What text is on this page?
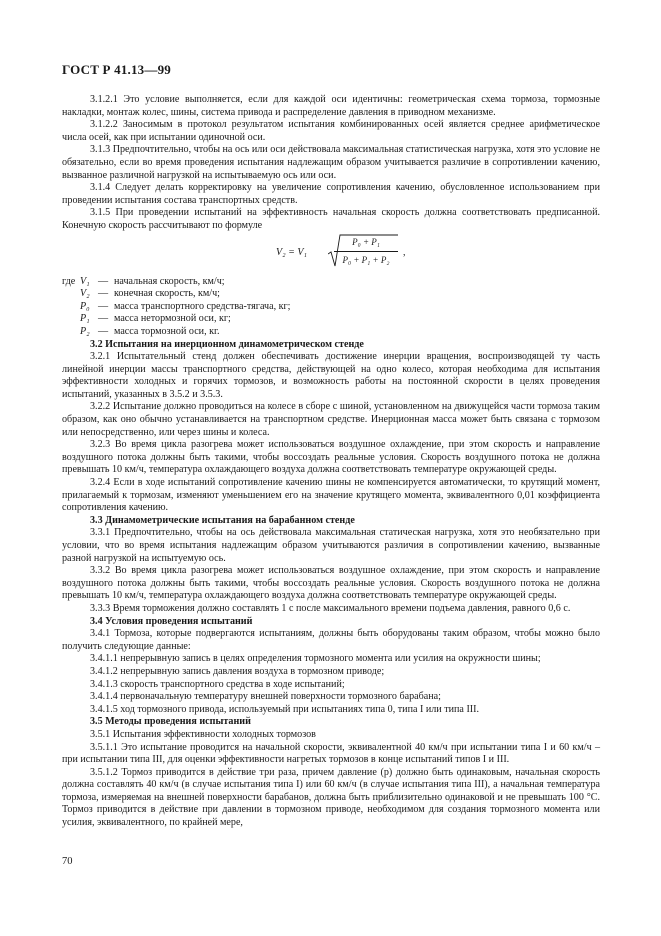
ГОСТ Р 41.13—99

3.1.2.1 Это условие выполняется, если для каждой оси идентичны: геометрическая схема тормоза, тормозные накладки, монтаж колес, шины, система привода и распределение давления в приводном механизме.

3.1.2.2 Заносимым в протокол результатом испытания комбинированных осей является среднее арифметическое числа осей, как при испытании одиночной оси.

3.1.3 Предпочтительно, чтобы на ось или оси действовала максимальная статистическая нагрузка, хотя это условие не обязательно, если во время проведения испытания надлежащим образом учитывается различие в сопротивлении качению, вызванное различной нагрузкой на испытываемую ось или оси.

3.1.4 Следует делать корректировку на увеличение сопротивления качению, обусловленное использованием при проведении испытания состава транспортных средств.

3.1.5 При проведении испытаний на эффективность начальная скорость должна соответствовать предписанной. Конечную скорость рассчитывают по формуле

V₂ = V₁	$\frac{\text{P₀ + P₁}}{\text{P₀ + P₁ + P₂}}$ ,
где V₁ — начальная скорость, км/ч;
V₂ — конечная скорость, км/ч;
P₀ — масса транспортного средства-тягача, кг;
P₁ — масса нетормозной оси, кг;
P₂ — масса тормозной оси, кг.

3.2 Испытания на инерционном динамометрическом стенде

3.2.1 Испытательный стенд должен обеспечивать достижение инерции вращения, воспроизводящей ту часть линейной инерции массы транспортного средства, действующей на одно колесо, которая необходима для испытания эффективности холодных и горячих тормозов, и возможность работы на постоянной скорости в целях проведения испытаний, указанных в 3.5.2 и 3.5.3.

3.2.2 Испытание должно проводиться на колесе в сборе с шиной, установленном на движущейся части тормоза таким образом, как оно обычно устанавливается на транспортном средстве. Инерционная масса может быть связана с тормозом или непосредственно, или через шины и колеса.

3.2.3 Во время цикла разогрева может использоваться воздушное охлаждение, при этом скорость и направление воздушного потока должны быть такими, чтобы воссоздать реальные условия. Скорость воздушного потока не должна превышать 10 км/ч, температура охлаждающего воздуха должна соответствовать температуре окружающей среды.

3.2.4 Если в ходе испытаний сопротивление качению шины не компенсируется автоматически, то крутящий момент, прилагаемый к тормозам, изменяют уменьшением его на значение крутящего момента, эквивалентного 0,01 коэффициента сопротивления качению.

3.3 Динамометрические испытания на барабанном стенде

3.3.1 Предпочтительно, чтобы на ось действовала максимальная статическая нагрузка, хотя это необязательно при условии, что во время испытания надлежащим образом учитываются различия в сопротивлении качению, вызванные разной нагрузкой на испытуемую ось.

3.3.2 Во время цикла разогрева может использоваться воздушное охлаждение, при этом скорость и направление воздушного потока должны быть такими, чтобы воссоздать реальные условия. Скорость воздушного потока не должна превышать 10 км/ч, температура охлаждающего воздуха должна соответствовать температуре окружающей среды.

3.3.3 Время торможения должно составлять 1 с после максимального времени подъема давления, равного 0,6 с.

3.4 Условия проведения испытаний

3.4.1 Тормоза, которые подвергаются испытаниям, должны быть оборудованы таким образом, чтобы можно было получить следующие данные:

3.4.1.1 непрерывную запись в целях определения тормозного момента или усилия на окружности шины;

3.4.1.2 непрерывную запись давления воздуха в тормозном приводе;

3.4.1.3 скорость транспортного средства в ходе испытаний;

3.4.1.4 первоначальную температуру внешней поверхности тормозного барабана;

3.4.1.5 ход тормозного привода, используемый при испытаниях типа 0, типа I или типа III.

3.5 Методы проведения испытаний

3.5.1 Испытания эффективности холодных тормозов

3.5.1.1 Это испытание проводится на начальной скорости, эквивалентной 40 км/ч при испытании типа I и 60 км/ч – при испытании типа III, для оценки эффективности нагретых тормозов в конце испытаний типов I и III.

3.5.1.2 Тормоз приводится в действие три раза, причем давление (p) должно быть одинаковым, начальная скорость должна составлять 40 км/ч (в случае испытания типа I) или 60 км/ч (в случае испытания типа III), а начальная температура тормоза, измеряемая на внешней поверхности барабанов, должна быть приблизительно одинаковой и не превышать 100 °C. Тормоз приводится в действие при давлении в тормозном приводе, необходимом для создания тормозного момента или усилия, эквивалентного, по крайней мере,

70
